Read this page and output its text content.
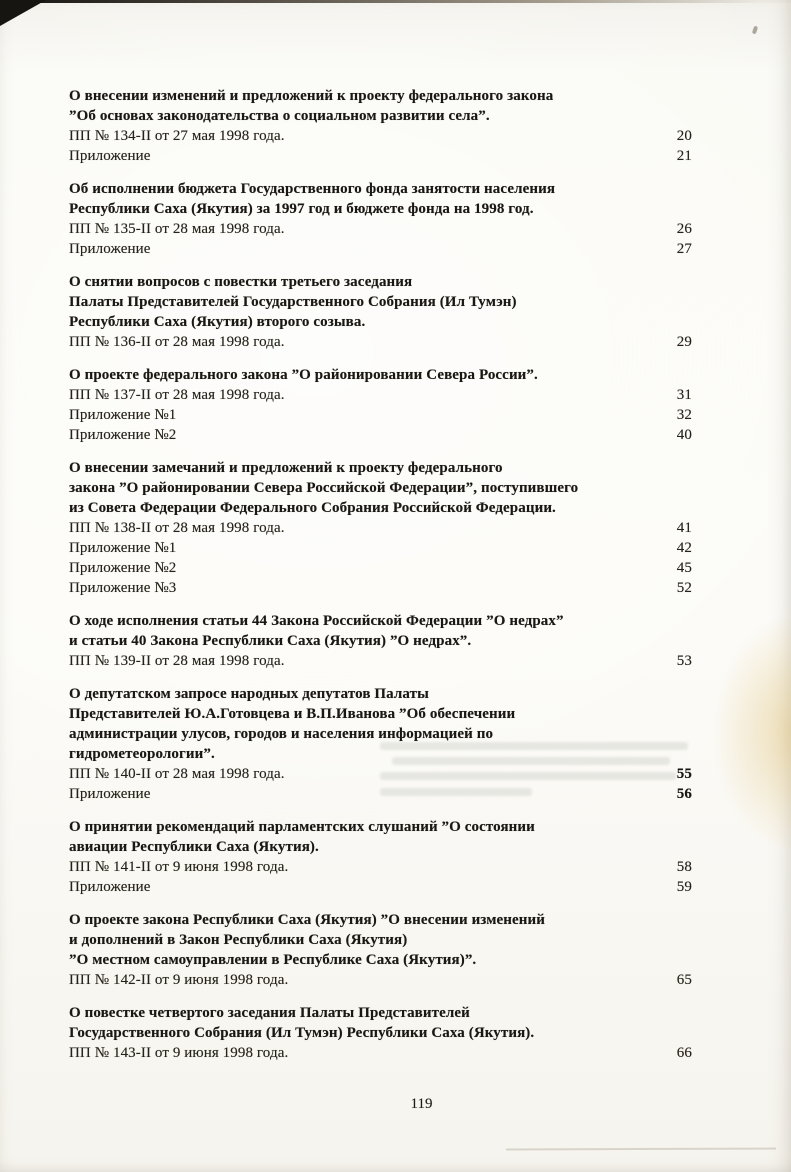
О внесении изменений и предложений к проекту федерального закона
”Об основах законодательства о социальном развитии села”.
ПП № 134-II от 27 мая 1998 года.	20
Приложение	21
Об исполнении бюджета Государственного фонда занятости населения
Республики Саха (Якутия) за 1997 год и бюджете фонда на 1998 год.
ПП № 135-II от 28 мая 1998 года.	26
Приложение	27
О снятии вопросов с повестки третьего заседания
Палаты Представителей Государственного Собрания (Ил Тумэн)
Республики Саха (Якутия) второго созыва.
ПП № 136-II от 28 мая 1998 года.	29
О проекте федерального закона ”О районировании Севера России”.
ПП № 137-II от 28 мая 1998 года.	31
Приложение №1	32
Приложение №2	40
О внесении замечаний и предложений к проекту федерального
закона ”О районировании Севера Российской Федерации”, поступившего
из Совета Федерации Федерального Собрания Российской Федерации.
ПП № 138-II от 28 мая 1998 года.	41
Приложение №1	42
Приложение №2	45
Приложение №3	52
О ходе исполнения статьи 44 Закона Российской Федерации ”О недрах”
и статьи 40 Закона Республики Саха (Якутия) ”О недрах”.
ПП № 139-II от 28 мая 1998 года.	53
О депутатском запросе народных депутатов Палаты
Представителей Ю.А.Готовцева и В.П.Иванова ”Об обеспечении
администрации улусов, городов и населения информацией по
гидрометеорологии”.
ПП № 140-II от 28 мая 1998 года.	55
Приложение	56
О принятии рекомендаций парламентских слушаний ”О состоянии
авиации Республики Саха (Якутия).
ПП № 141-II от 9 июня 1998 года.	58
Приложение	59
О проекте закона Республики Саха (Якутия) ”О внесении изменений
и дополнений в Закон Республики Саха (Якутия)
”О местном самоуправлении в Республике Саха (Якутия)”.
ПП № 142-II от 9 июня 1998 года.	65
О повестке четвертого заседания Палаты Представителей
Государственного Собрания (Ил Тумэн) Республики Саха (Якутия).
ПП № 143-II от 9 июня 1998 года.	66
119
